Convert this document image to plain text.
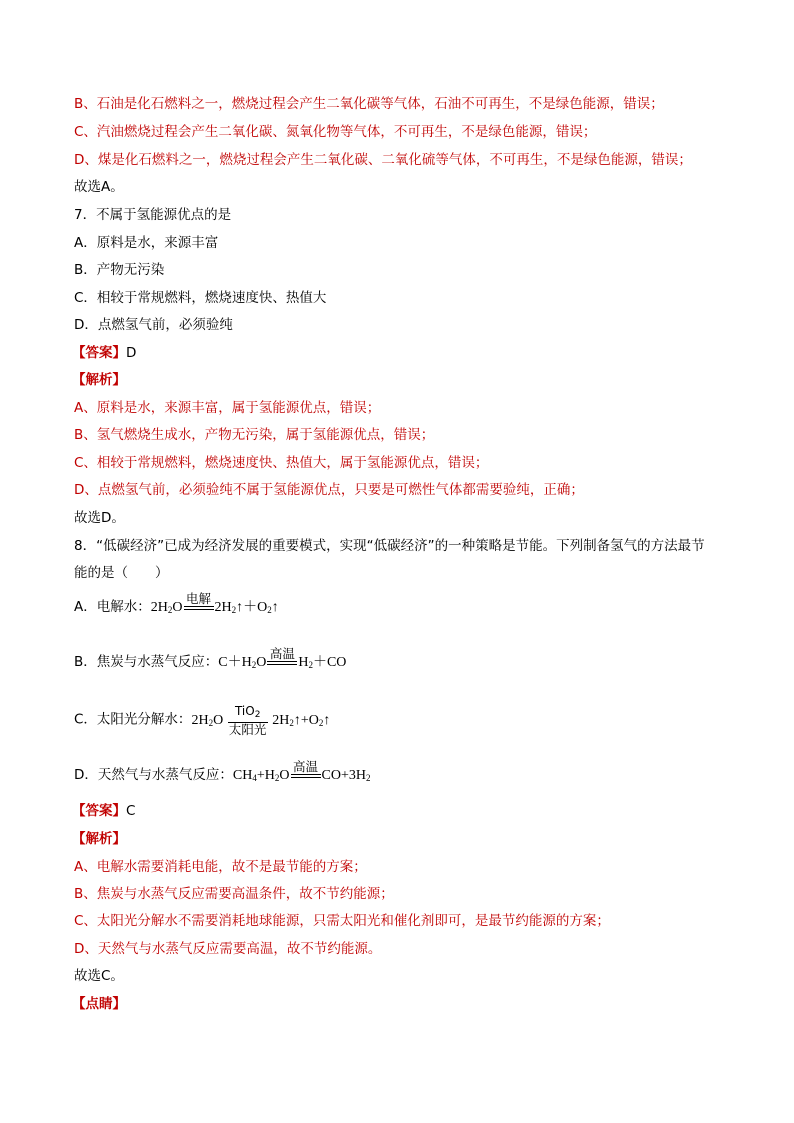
B、石油是化石燃料之一，燃烧过程会产生二氧化碳等气体，石油不可再生，不是绿色能源，错误；
C、汽油燃烧过程会产生二氧化碳、氮氧化物等气体，不可再生，不是绿色能源，错误；
D、煤是化石燃料之一，燃烧过程会产生二氧化碳、二氧化硫等气体，不可再生，不是绿色能源，错误；
故选A。
7．不属于氢能源优点的是
A．原料是水，来源丰富
B．产物无污染
C．相较于常规燃料，燃烧速度快、热值大
D．点燃氢气前，必须验纯
【答案】D
【解析】
A、原料是水，来源丰富，属于氢能源优点，错误；
B、氢气燃烧生成水，产物无污染，属于氢能源优点，错误；
C、相较于常规燃料，燃烧速度快、热值大，属于氢能源优点，错误；
D、点燃氢气前，必须验纯不属于氢能源优点，只要是可燃性气体都需要验纯，正确；
故选D。
8．“低碳经济”已成为经济发展的重要模式，实现“低碳经济”的一种策略是节能。下列制备氢气的方法最节
能的是（　　）
A．电解水：$2H_2O$
电解

$2H_2↑+O_2↑$
B．焦炭与水蒸气反应：$C+H_2O$
高温

$H_2+CO$
C．太阳光分解水：$2H_2O$
TiO$_2$
太阳光
$2H_2↑+O_2↑$
D．天然气与水蒸气反应：$CH_4+H_2O$
高温

$CO+3H_2$
【答案】C
【解析】
A、电解水需要消耗电能，故不是最节能的方案；
B、焦炭与水蒸气反应需要高温条件，故不节约能源；
C、太阳光分解水不需要消耗地球能源，只需太阳光和催化剂即可，是最节约能源的方案；
D、天然气与水蒸气反应需要高温，故不节约能源。
故选C。
【点睛】
